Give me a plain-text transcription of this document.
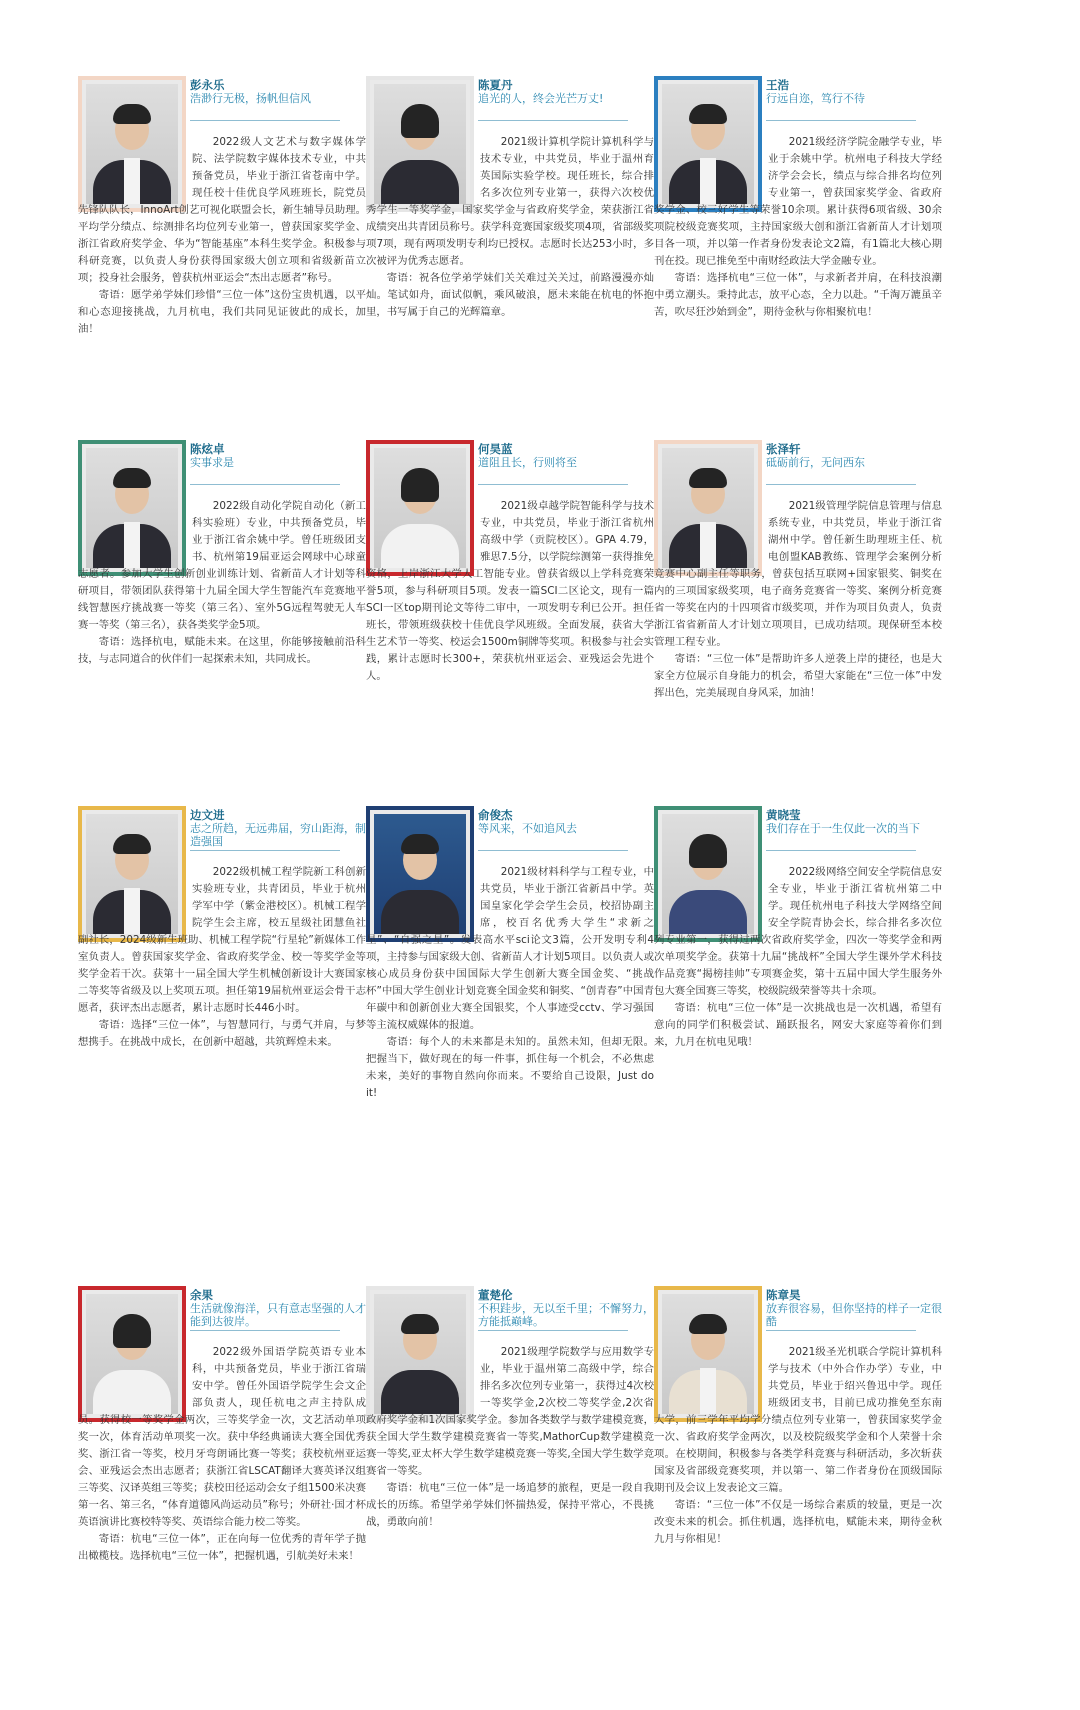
彭永乐
浩渺行无极，扬帆但信风

2022级人文艺术与数字媒体学院、法学院数字媒体技术专业，中共预备党员，毕业于浙江省苍南中学。现任校十佳优良学风班班长，院党员先锋队队长，InnoArt创艺可视化联盟会长，新生辅导员助理。平均学分绩点、综测排名均位列专业第一，曾获国家奖学金、浙江省政府奖学金、华为“智能基座”本科生奖学金。积极参与科研竞赛，以负责人身份获得国家级大创立项和省级新苗立项；投身社会服务，曾获杭州亚运会“杰出志愿者”称号。

寄语：愿学弟学妹们珍惜“三位一体”这份宝贵机遇，以平和心态迎接挑战，九月杭电，我们共同见证彼此的成长，加油！

陈夏丹
追光的人，终会光芒万丈!

2021级计算机学院计算机科学与技术专业，中共党员，毕业于温州育英国际实验学校。现任班长，综合排名多次位列专业第一，获得六次校优秀学生一等奖学金，国家奖学金与省政府奖学金，荣获浙江省成绩突出共青团员称号。获学科竞赛国家级奖项4项，省部级奖项7项，现有两项发明专利均已授权。志愿时长达253小时，多次被评为优秀志愿者。

寄语：祝各位学弟学妹们关关难过关关过，前路漫漫亦灿灿。笔试如舟，面试似帆，乘风破浪，愿未来能在杭电的怀抱里，书写属于自己的光辉篇章。

王浩
行远自迩，笃行不待

2021级经济学院金融学专业，毕业于余姚中学。杭州电子科技大学经济学会会长，绩点与综合排名均位列专业第一，曾获国家奖学金、省政府奖学金、校三好学生等荣誉10余项。累计获得6项省级、30余项院校级竞赛奖项，主持国家级大创和浙江省新苗人才计划项目各一项，并以第一作者身份发表论文2篇，有1篇北大核心期刊在投。现已推免至中南财经政法大学金融专业。

寄语：选择杭电“三位一体”，与求新者并肩，在科技浪潮中勇立潮头。秉持此志，放平心态，全力以赴。“千淘万漉虽辛苦，吹尽狂沙始到金”，期待金秋与你相聚杭电！

陈炫卓
实事求是

2022级自动化学院自动化（新工科实验班）专业，中共预备党员，毕业于浙江省余姚中学。曾任班级团支书、杭州第19届亚运会网球中心球童志愿者。参加大学生创新创业训练计划、省新苗人才计划等科研项目，带领团队获得第十九届全国大学生智能汽车竞赛地平线智慧医疗挑战赛一等奖（第三名）、室外5G远程驾驶无人车赛一等奖（第三名），获各类奖学金5项。

寄语：选择杭电，赋能未来。在这里，你能够接触前沿科技，与志同道合的伙伴们一起探索未知，共同成长。

何昊蓝
道阻且长，行则将至

2021级卓越学院智能科学与技术专业，中共党员，毕业于浙江省杭州高级中学（贡院校区）。GPA 4.79，雅思7.5分，以学院综测第一获得推免资格，上岸浙江大学人工智能专业。曾获省级以上学科竞赛荣誉5项，参与科研项目5项。发表一篇SCI二区论文，现有一篇SCI一区top期刊论文等待二审中，一项发明专利已公开。担任班长，带领班级获校十佳优良学风班级。全面发展，获省大学生艺术节一等奖、校运会1500m铜牌等奖项。积极参与社会实践，累计志愿时长300+，荣获杭州亚运会、亚残运会先进个人。

张泽轩
砥砺前行，无问西东

2021级管理学院信息管理与信息系统专业，中共党员，毕业于浙江省湖州中学。曾任新生助理班主任、杭电创盟KAB教练、管理学会案例分析竞赛中心副主任等职务，曾获包括互联网+国家银奖、铜奖在内的三项国家级奖项，电子商务竞赛省一等奖、案例分析竞赛省一等奖在内的十四项省市级奖项，并作为项目负责人，负责浙江省省新苗人才计划立项项目，已成功结项。现保研至本校管理工程专业。

寄语：“三位一体”是帮助许多人逆袭上岸的捷径，也是大家全方位展示自身能力的机会，希望大家能在“三位一体”中发挥出色，完美展现自身风采，加油！

边文进
志之所趋，无远弗届，穷山距海，制造强国

2022级机械工程学院新工科创新实验班专业，共青团员，毕业于杭州学军中学（紫金港校区）。机械工程学院学生会主席，校五星级社团慧鱼社副社长，2024级新生班助、机械工程学院“行星轮”新媒体工作室负责人。曾获国家奖学金、省政府奖学金、校一等奖学金等奖学金若干次。获第十一届全国大学生机械创新设计大赛国家二等奖等省级及以上奖项五项。担任第19届杭州亚运会骨干志愿者，获评杰出志愿者，累计志愿时长446小时。

寄语：选择“三位一体”，与智慧同行，与勇气并肩，与梦想携手。在挑战中成长，在创新中超越，共筑辉煌未来。

俞俊杰
等风来，不如追风去

2021级材料科学与工程专业，中共党员，毕业于浙江省新昌中学。英国皇家化学会学生会员，校招协副主席，校百名优秀大学生“求新之星”、“自强之星”。发表高水平sci论文3篇，公开发明专利4项，主持参与国家级大创、省新苗人才计划5项目。以负责人或核心成员身份获中国国际大学生创新大赛全国金奖、“挑战杯”中国大学生创业计划竞赛全国金奖和铜奖、“创青春”中国青年碳中和创新创业大赛全国银奖，个人事迹受cctv、学习强国等主流权威媒体的报道。

寄语：每个人的未来都是未知的。虽然未知，但却无限。把握当下，做好现在的每一件事，抓住每一个机会，不必焦虑未来，美好的事物自然向你而来。不要给自己设限，Just do it!

黄晓莹
我们存在于一生仅此一次的当下

2022级网络空间安全学院信息安全专业，毕业于浙江省杭州第二中学。现任杭州电子科技大学网络空间安全学院青协会长，综合排名多次位列专业第一，获得过两次省政府奖学金，四次一等奖学金和两次单项奖学金。获第十九届“挑战杯”全国大学生课外学术科技作品竞赛“揭榜挂帅”专项赛金奖，第十五届中国大学生服务外包大赛全国赛三等奖，校级院级荣誉等共十余项。

寄语：杭电“三位一体”是一次挑战也是一次机遇，希望有意向的同学们积极尝试、踊跃报名，网安大家庭等着你们到来，九月在杭电见哦！

余果
生活就像海洋，只有意志坚强的人才能到达彼岸。

2022级外国语学院英语专业本科，中共预备党员，毕业于浙江省瑞安中学。曾任外国语学院学生会文企部负责人，现任杭电之声主持队成员。获得校一等奖学金两次，三等奖学金一次，文艺活动单项奖一次，体育活动单项奖一次。获中华经典诵读大赛全国优秀奖、浙江省一等奖，校月牙弯朗诵比赛一等奖；获校杭州亚运会、亚残运会杰出志愿者；获浙江省LSCAT翻译大赛英译汉组三等奖、汉译英组三等奖；获校田径运动会女子组1500米决赛第一名、第三名，“体育道德风尚运动员”称号；外研社·国才杯英语演讲比赛校特等奖、英语综合能力校二等奖。

寄语：杭电“三位一体”，正在向每一位优秀的青年学子抛出橄榄枝。选择杭电“三位一体”，把握机遇，引航美好未来！

董楚伦
不积跬步，无以至千里；不懈努力，方能抵巅峰。

2021级理学院数学与应用数学专业，毕业于温州第二高级中学，综合排名多次位列专业第一，获得过4次校一等奖学金,2次校二等奖学金,2次省政府奖学金和1次国家奖学金。参加各类数学与数学建模竞赛，获全国大学生数学建模竞赛省一等奖,MathorCup数学建模竞赛一等奖,亚太杯大学生数学建模竞赛一等奖,全国大学生数学竞赛省一等奖。

寄语：杭电“三位一体”是一场追梦的旅程，更是一段自我成长的历练。希望学弟学妹们怀揣热爱，保持平常心，不畏挑战，勇敢向前！

陈章昊
放弃很容易，但你坚持的样子一定很酷

2021级圣光机联合学院计算机科学与技术（中外合作办学）专业，中共党员，毕业于绍兴鲁迅中学。现任班级团支书，目前已成功推免至东南大学，前三学年平均学分绩点位列专业第一，曾获国家奖学金一次、省政府奖学金两次，以及校院级奖学金和个人荣誉十余项。在校期间，积极参与各类学科竞赛与科研活动，多次斩获国家及省部级竞赛奖项，并以第一、第二作者身份在顶级国际期刊及会议上发表论文三篇。

寄语：“三位一体”不仅是一场综合素质的较量，更是一次改变未来的机会。抓住机遇，选择杭电，赋能未来，期待金秋九月与你相见！
